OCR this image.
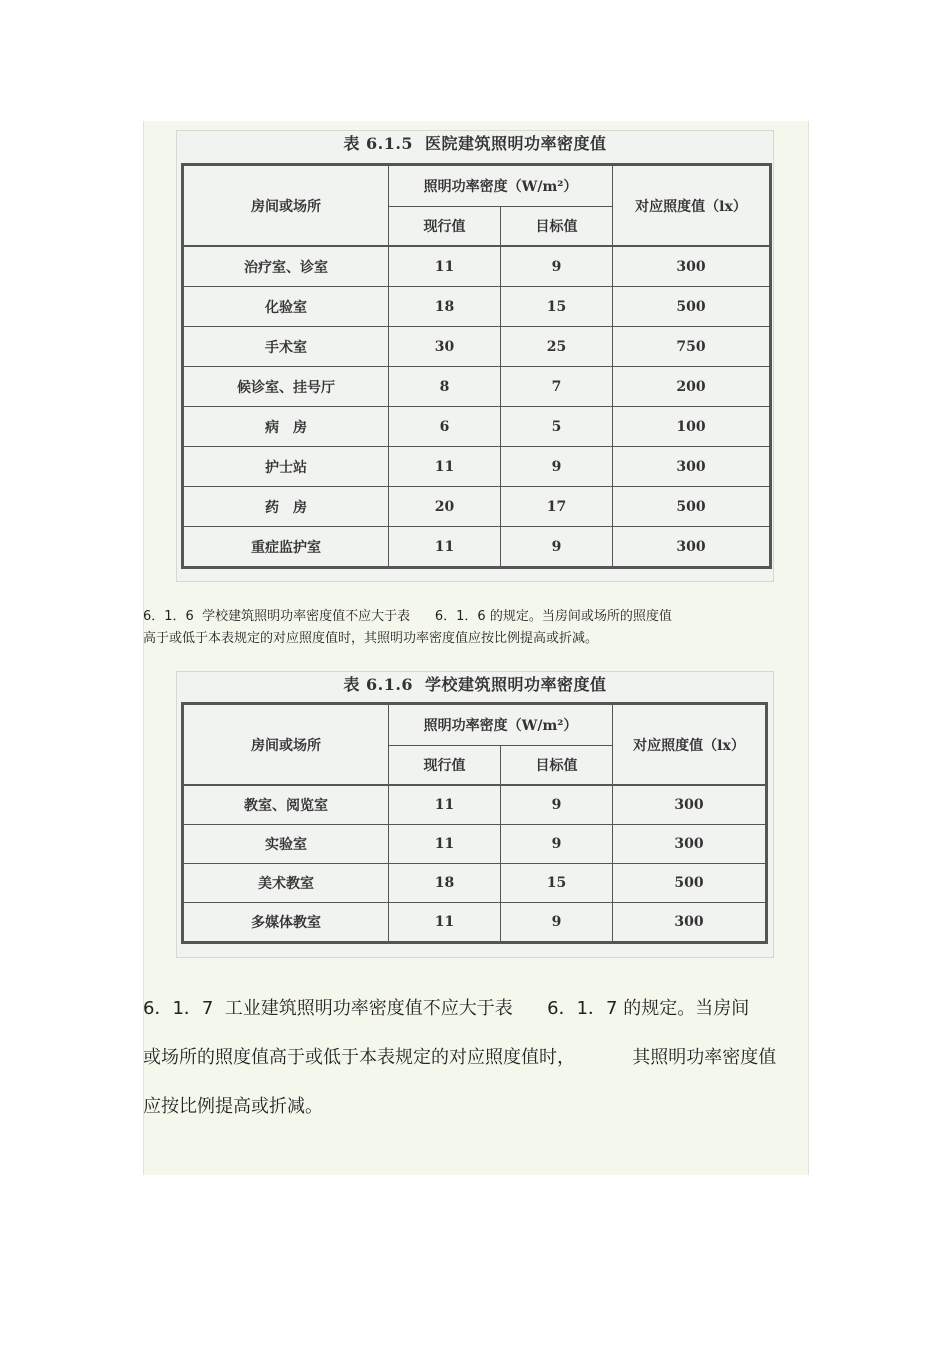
表 6.1.5 医院建筑照明功率密度值
房间或场所	照明功率密度（W/m²）		对应照度值（lx）
	现行值	目标值	
治疗室、诊室	11	9	300
化验室	18	15	500
手术室	30	25	750
候诊室、挂号厅	8	7	200
病　房	6	5	100
护士站	11	9	300
药　房	20	17	500
重症监护室	11	9	300
6．1．6  学校建筑照明功率密度值不应大于表      6．1．6 的规定。当房间或场所的照度值
高于或低于本表规定的对应照度值时，其照明功率密度值应按比例提高或折减。
表 6.1.6 学校建筑照明功率密度值
房间或场所	照明功率密度（W/m²）		对应照度值（lx）
	现行值	目标值	
教室、阅览室	11	9	300
实验室	11	9	300
美术教室	18	15	500
多媒体教室	11	9	300
6．1．7  工业建筑照明功率密度值不应大于表      6．1．7 的规定。当房间
或场所的照度值高于或低于本表规定的对应照度值时，          其照明功率密度值
应按比例提高或折减。
